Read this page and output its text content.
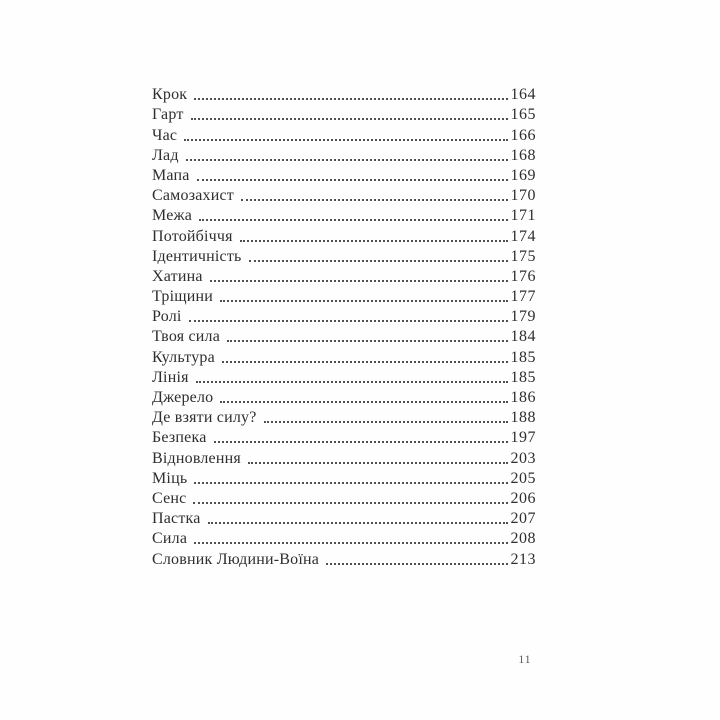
Крок	164
Гарт	165
Час	166
Лад	168
Мапа	169
Самозахист	170
Межа	171
Потойбіччя	174
Ідентичність	175
Хатина	176
Тріщини	177
Ролі	179
Твоя сила	184
Культура	185
Лінія	185
Джерело	186
Де взяти силу?	188
Безпека	197
Відновлення	203
Міць	205
Сенс	206
Пастка	207
Сила	208
Словник Людини-Воїна	213
11
